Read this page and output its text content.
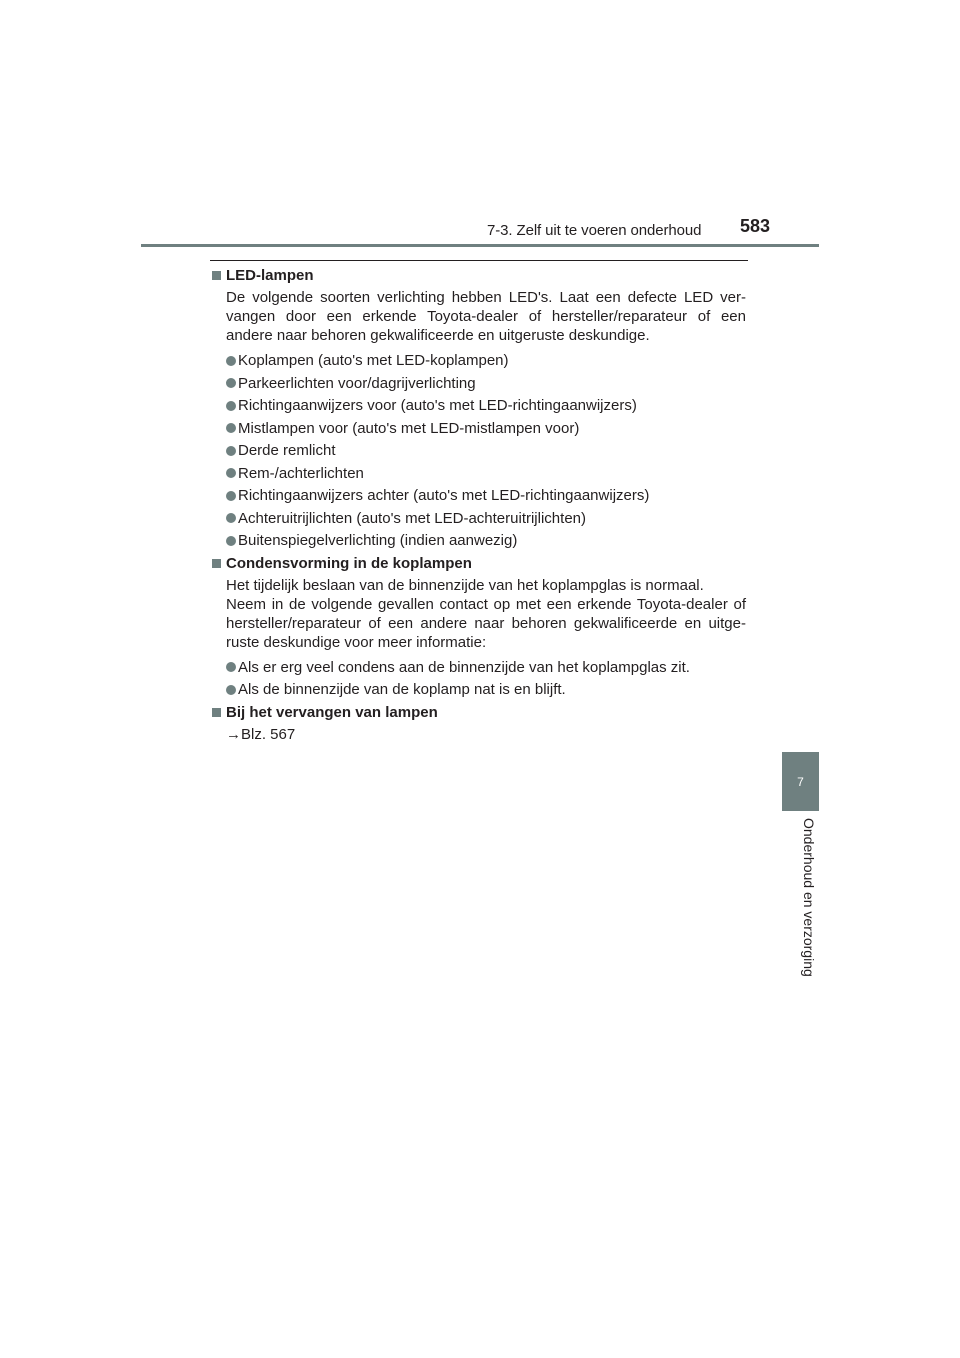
7-3. Zelf uit te voeren onderhoud 583
7
Onderhoud en verzorging
LED-lampen
De volgende soorten verlichting hebben LED's. Laat een defecte LED ver-
vangen door een erkende Toyota-dealer of hersteller/reparateur of een
andere naar behoren gekwalificeerde en uitgeruste deskundige.
Koplampen (auto's met LED-koplampen)
Parkeerlichten voor/dagrijverlichting
Richtingaanwijzers voor (auto's met LED-richtingaanwijzers)
Mistlampen voor (auto's met LED-mistlampen voor)
Derde remlicht
Rem-/achterlichten
Richtingaanwijzers achter (auto's met LED-richtingaanwijzers)
Achteruitrijlichten (auto's met LED-achteruitrijlichten)
Buitenspiegelverlichting (indien aanwezig)
Condensvorming in de koplampen
Het tijdelijk beslaan van de binnenzijde van het koplampglas is normaal.
Neem in de volgende gevallen contact op met een erkende Toyota-dealer of
hersteller/reparateur of een andere naar behoren gekwalificeerde en uitge-
ruste deskundige voor meer informatie:
Als er erg veel condens aan de binnenzijde van het koplampglas zit.
Als de binnenzijde van de koplamp nat is en blijft.
Bij het vervangen van lampen
→Blz. 567
